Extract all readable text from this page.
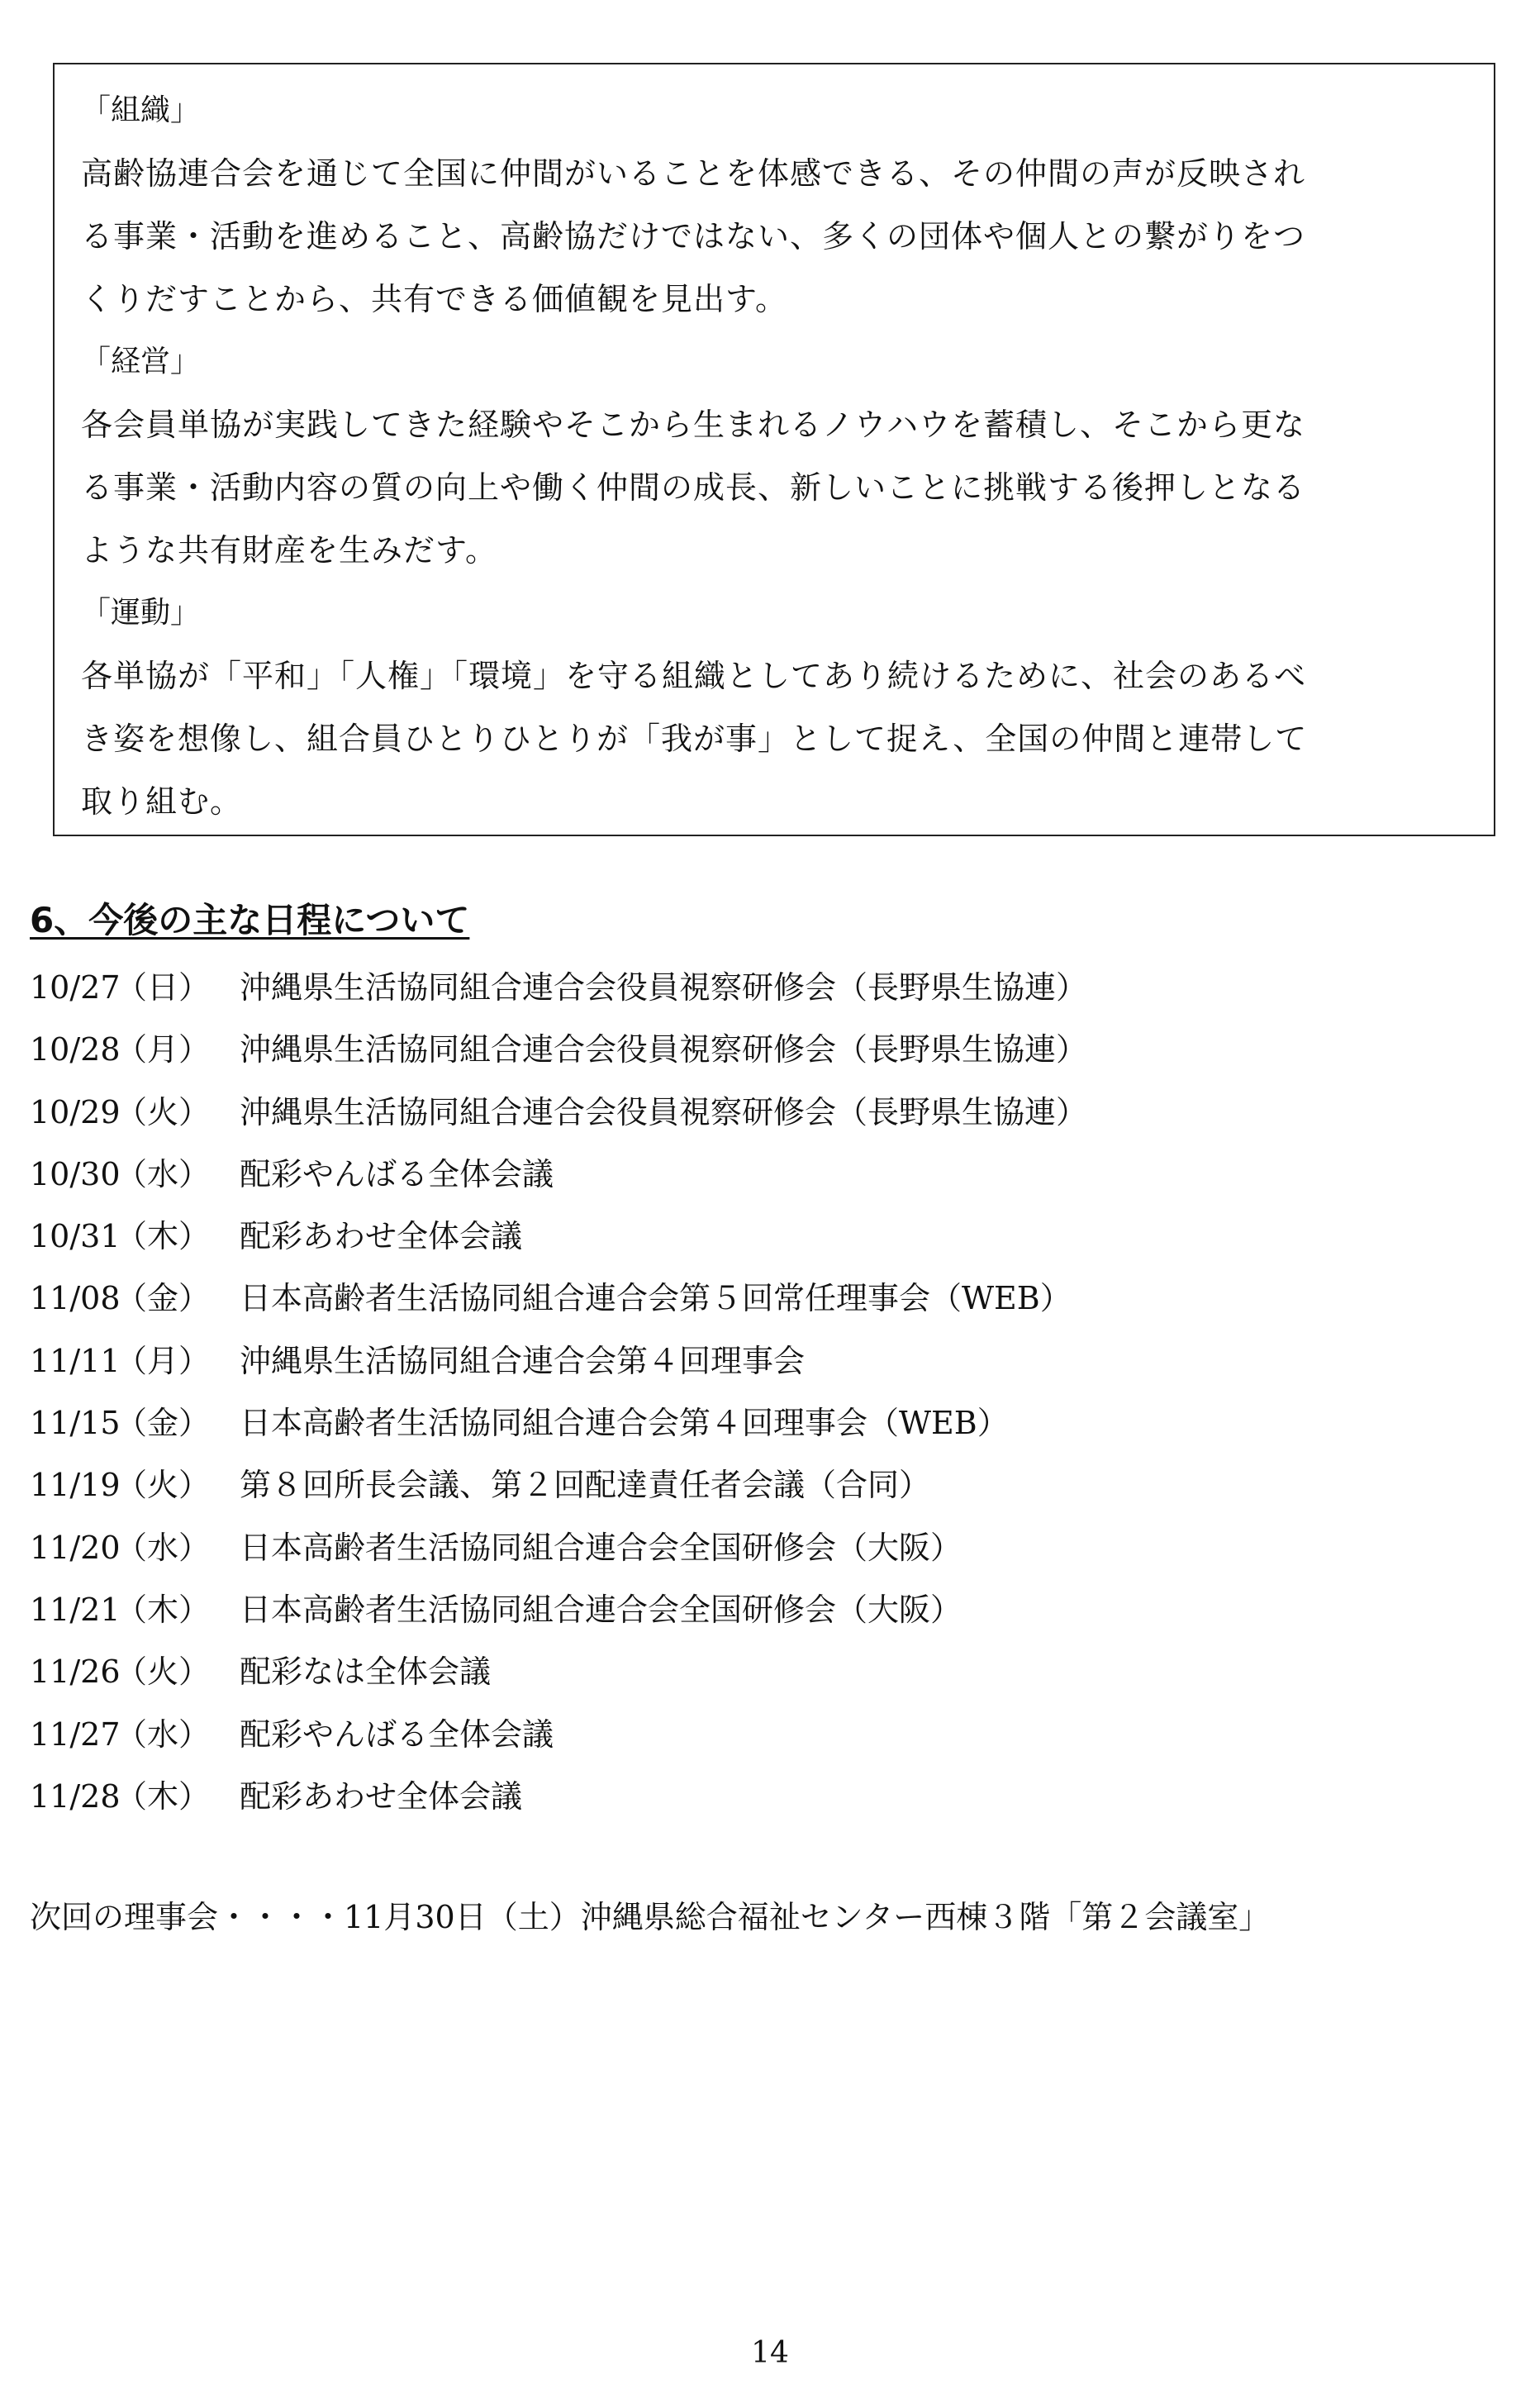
「組織」

高齢協連合会を通じて全国に仲間がいることを体感できる、その仲間の声が反映され

る事業・活動を進めること、高齢協だけではない、多くの団体や個人との繋がりをつ

くりだすことから、共有できる価値観を見出す。

「経営」

各会員単協が実践してきた経験やそこから生まれるノウハウを蓄積し、そこから更な

る事業・活動内容の質の向上や働く仲間の成長、新しいことに挑戦する後押しとなる

ような共有財産を生みだす。

「運動」

各単協が「平和」「人権」「環境」を守る組織としてあり続けるために、社会のあるべ

き姿を想像し、組合員ひとりひとりが「我が事」として捉え、全国の仲間と連帯して

取り組む。

6、今後の主な日程について
10/27（日） 沖縄県生活協同組合連合会役員視察研修会（長野県生協連）
10/28（月） 沖縄県生活協同組合連合会役員視察研修会（長野県生協連）
10/29（火） 沖縄県生活協同組合連合会役員視察研修会（長野県生協連）
10/30（水） 配彩やんばる全体会議
10/31（木） 配彩あわせ全体会議
11/08（金） 日本高齢者生活協同組合連合会第５回常任理事会（WEB）
11/11（月） 沖縄県生活協同組合連合会第４回理事会
11/15（金） 日本高齢者生活協同組合連合会第４回理事会（WEB）
11/19（火） 第８回所長会議、第２回配達責任者会議（合同）
11/20（水） 日本高齢者生活協同組合連合会全国研修会（大阪）
11/21（木） 日本高齢者生活協同組合連合会全国研修会（大阪）
11/26（火） 配彩なは全体会議
11/27（水） 配彩やんばる全体会議
11/28（木） 配彩あわせ全体会議
次回の理事会・・・・11月30日（土）沖縄県総合福祉センター西棟３階「第２会議室」
14
